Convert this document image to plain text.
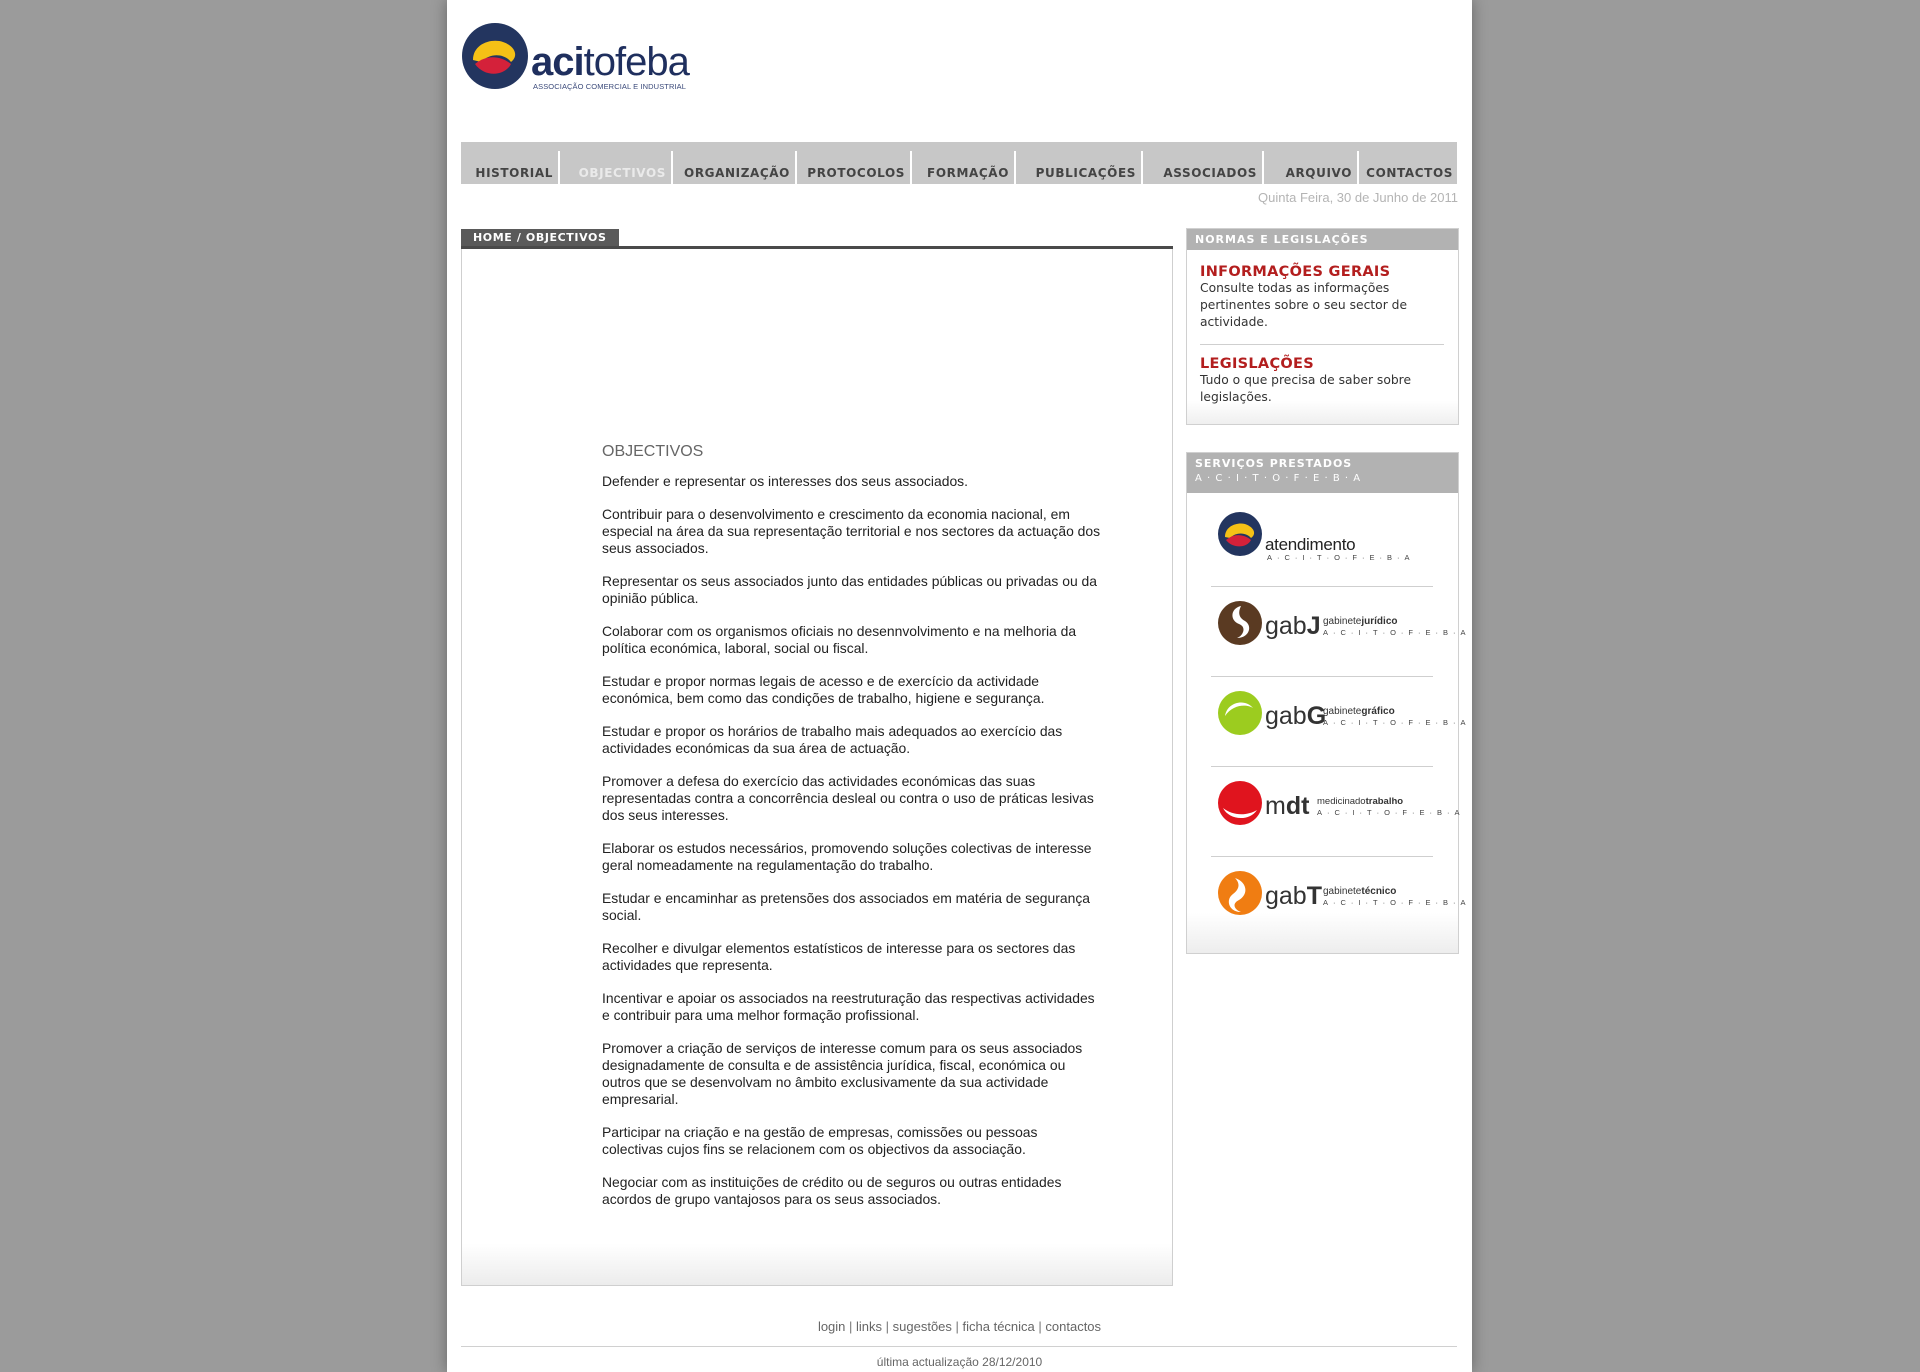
acitofeba
ASSOCIAÇÃO COMERCIAL E INDUSTRIAL
HISTORIAL OBJECTIVOS ORGANIZAÇÃO PROTOCOLOS FORMAÇÃO PUBLICAÇÕES ASSOCIADOS ARQUIVO CONTACTOS
Quinta Feira, 30 de Junho de 2011
HOME / OBJECTIVOS
OBJECTIVOS

Defender e representar os interesses dos seus associados.

Contribuir para o desenvolvimento e crescimento da economia nacional, em especial na área da sua representação territorial e nos sectores da actuação dos seus associados.

Representar os seus associados junto das entidades públicas ou privadas ou da opinião pública.

Colaborar com os organismos oficiais no desennvolvimento e na melhoria da política económica, laboral, social ou fiscal.

Estudar e propor normas legais de acesso e de exercício da actividade económica, bem como das condições de trabalho, higiene e segurança.

Estudar e propor os horários de trabalho mais adequados ao exercício das actividades económicas da sua área de actuação.

Promover a defesa do exercício das actividades económicas das suas representadas contra a concorrência desleal ou contra o uso de práticas lesivas dos seus interesses.

Elaborar os estudos necessários, promovendo soluções colectivas de interesse geral nomeadamente na regulamentação do trabalho.

Estudar e encaminhar as pretensões dos associados em matéria de segurança social.

Recolher e divulgar elementos estatísticos de interesse para os sectores das actividades que representa.

Incentivar e apoiar os associados na reestruturação das respectivas actividades e contribuir para uma melhor formação profissional.

Promover a criação de serviços de interesse comum para os seus associados designadamente de consulta e de assistência jurídica, fiscal, económica ou outros que se desenvolvam no âmbito exclusivamente da sua actividade empresarial.

Participar na criação e na gestão de empresas, comissões ou pessoas colectivas cujos fins se relacionem com os objectivos da associação.

Negociar com as instituições de crédito ou de seguros ou outras entidades acordos de grupo vantajosos para os seus associados.

NORMAS E LEGISLAÇÕES
INFORMAÇÕES GERAIS
Consulte todas as informações pertinentes sobre o seu sector de actividade.
LEGISLAÇÕES
Tudo o que precisa de saber sobre legislações.
SERVIÇOS PRESTADOS
A·C·I·T·O·F·E·B·A
atendimento
A·C·I·T·O·F·E·B·A
gabJ gabinetejurídico
A·C·I·T·O·F·E·B·A
gabG
gabinetegráfico
A·C·I·T·O·F·E·B·A
mdt medicinadotrabalho
A·C·I·T·O·F·E·B·A
gabT gabinetetécnico
A·C·I·T·O·F·E·B·A
login | links | sugestões | ficha técnica | contactos
última actualização 28/12/2010
